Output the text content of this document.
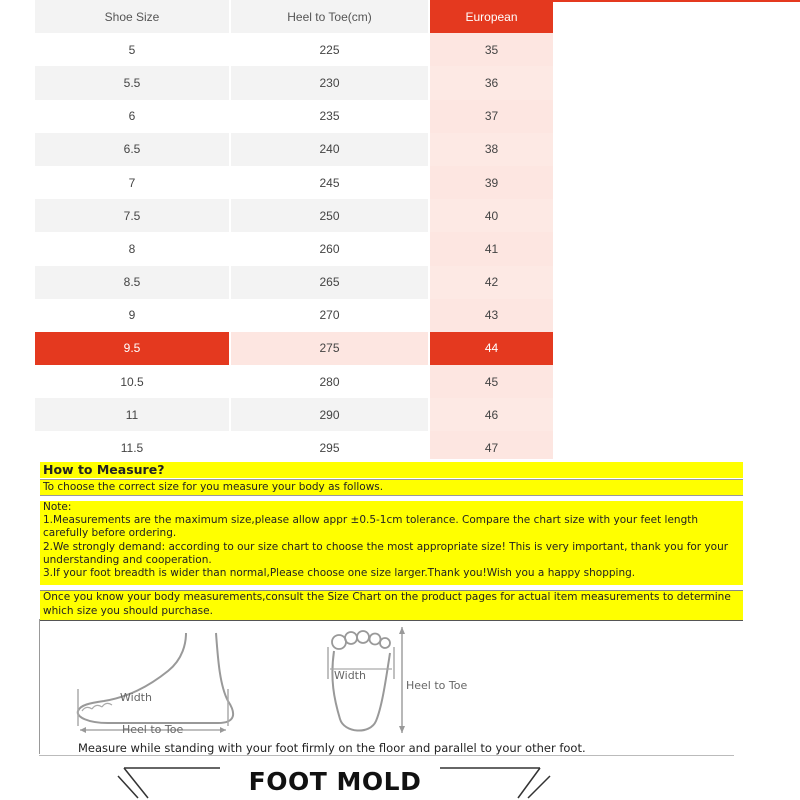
Shoe Size	Heel to Toe(cm)	European
5	225	35
5.5	230	36
6	235	37
6.5	240	38
7	245	39
7.5	250	40
8	260	41
8.5	265	42
9	270	43
9.5	275	44
10.5	280	45
11	290	46
11.5	295	47
How to Measure?
To choose the correct size for you measure your body as follows.
Note:
1.Measurements are the maximum size,please allow appr ±0.5-1cm tolerance. Compare the chart size with your feet length carefully before ordering.
2.We strongly demand: according to our size chart to choose the most appropriate size! This is very important, thank you for your understanding and cooperation.
3.If your foot breadth is wider than normal,Please choose one size larger.Thank you!Wish you a happy shopping.
Once you know your body measurements,consult the Size Chart on the product pages for actual item measurements to determine which size you should purchase.
Width
Heel to Toe
Width
Heel to Toe
Measure while standing with your foot firmly on the floor and parallel to your other foot.
FOOT MOLD
